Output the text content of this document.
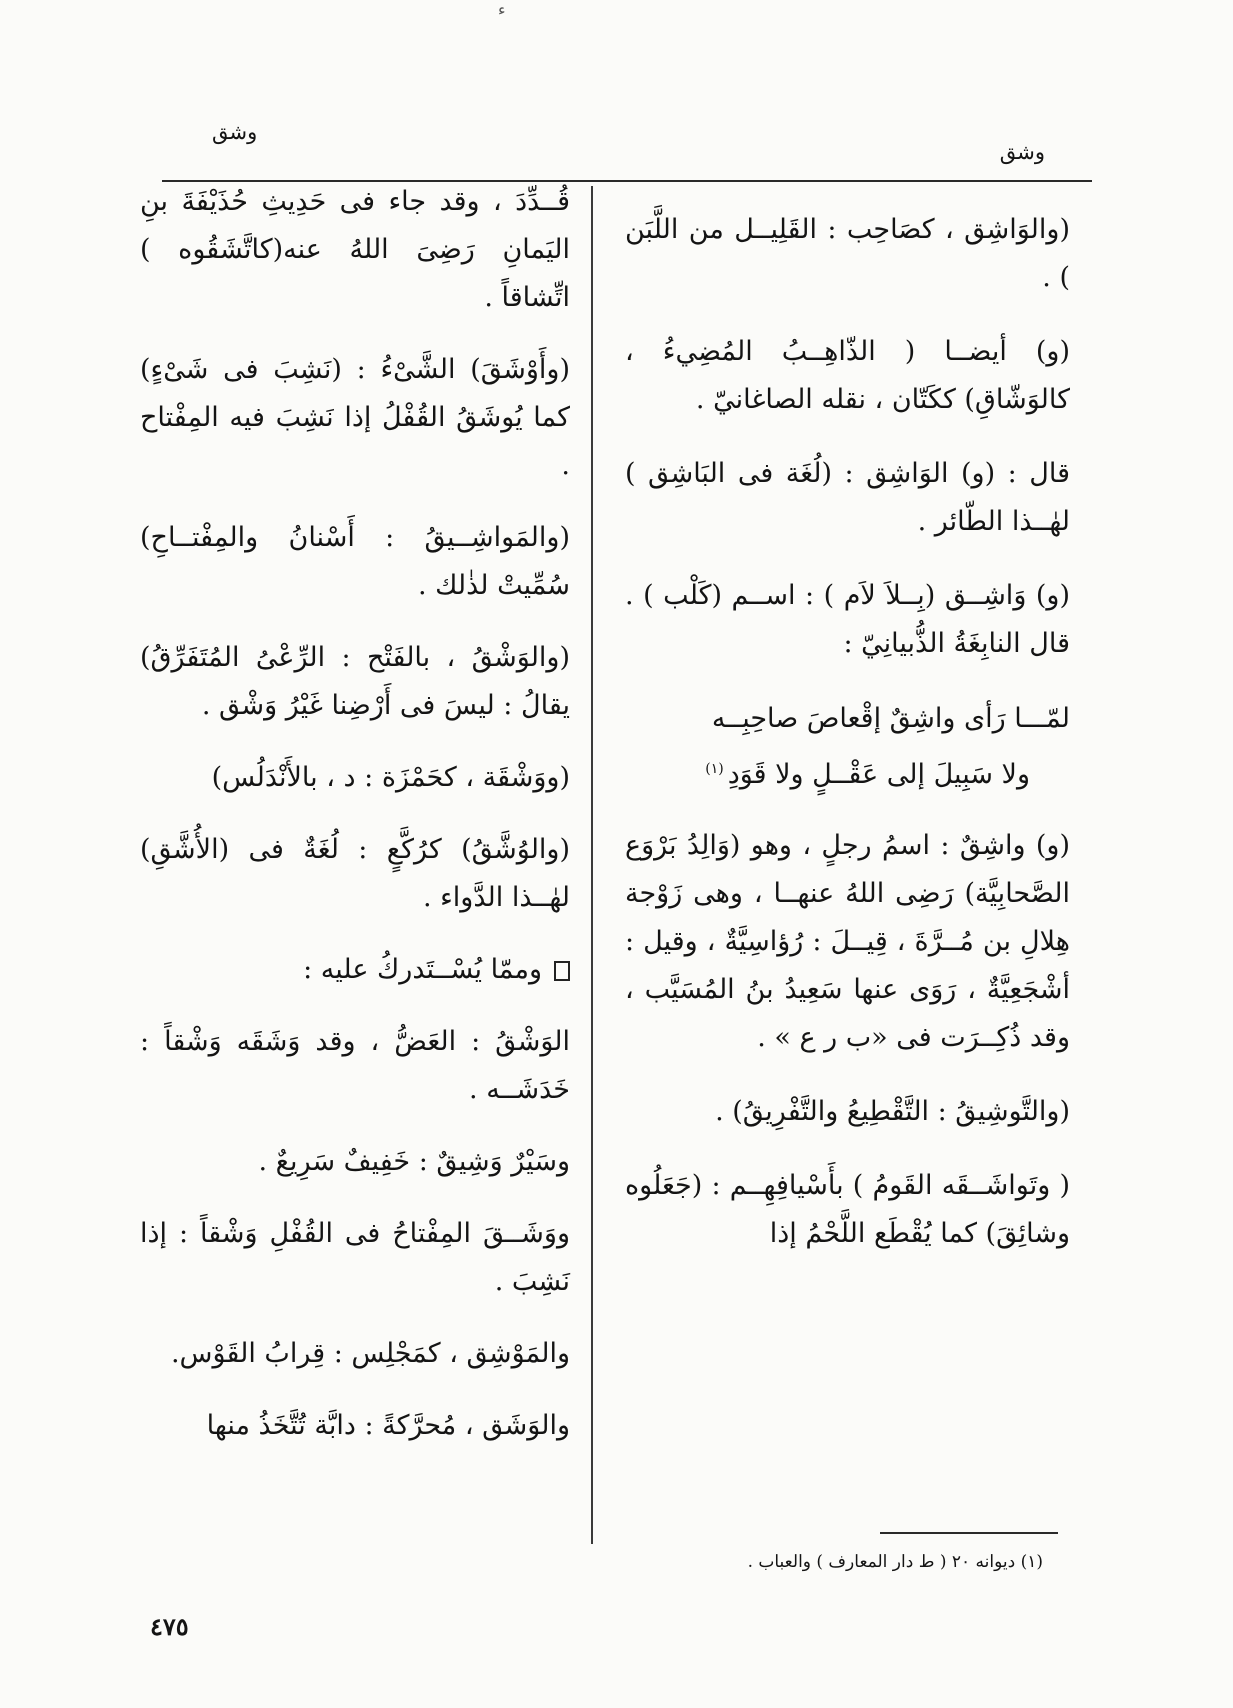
ء
وشق
وشق

(والوَاشِق ، كصَاحِب : القَلِيــل من اللَّبَن ) .

(و) أيضــا ( الذّاهِــبُ المُضِيءُ ، كالوَشّاقِ) ككَتّان ، نقله الصاغانيّ .

قال : (و) الوَاشِق : (لُغَة فى البَاشِق ) لهٰــذا الطّائر .

(و) وَاشِــق (بِــلاَ لاَم ) : اســم (كَلْب ) . قال النابِغَةُ الذُّبيانِيّ :

لمّـــا رَأى واشِقٌ إقْعاصَ صاحِبِــه
ولا سَبِيلَ إلى عَقْــلٍ ولا قَوَدِ$^{(١)}$

(و) واشِقٌ : اسمُ رجلٍ ، وهو (وَالِدُ بَرْوَع الصَّحابِيَّة) رَضِى اللهُ عنهــا ، وهى زَوْجة هِلالِ بن مُــرَّةَ ، قِيــلَ : رُؤاسِيَّةٌ ، وقيل : أشْجَعِيَّةٌ ، رَوَى عنها سَعِيدُ بنُ المُسَيَّب ، وقد ذُكِــرَت فى «ب ر ع » .

(والتَّوشِيقُ : التَّقْطِيعُ والتَّفْرِيقُ) .

( وتَواشَــقَه القَومُ ) بأَسْيافِهِــم : (جَعَلُوه وشائِقَ) كما يُقْطَع اللَّحْمُ إذا

قُــدِّدَ ، وقد جاء فى حَدِيثِ حُذَيْفَةَ بنِ اليَمانِ رَضِىَ اللهُ عنه(كاتَّشَقُوه ) اتِّشاقاً .

(وأَوْشَقَ) الشَّىْءُ : (نَشِبَ فى شَىْءٍ) كما يُوشَقُ القُفْلُ إذا نَشِبَ فيه المِفْتاح .

(والمَواشِــيقُ : أَسْنانُ والمِفْتــاحِ) سُمِّيتْ لذٰلك .

(والوَشْقُ ، بالفَتْح : الرِّعْىُ المُتَفَرِّقُ) يقالُ : ليسَ فى أَرْضِنا غَيْرُ وَشْق .

(ووَشْقَة ، كحَمْزَة : د ، بالأَنْدَلُس)

(والوُشَّقُ) كرُكَّعٍ : لُغَةٌ فى (الأُشَّقِ) لهٰــذا الدَّواء .

وممّا يُسْــتَدركُ عليه :

الوَشْقُ : العَضُّ ، وقد وَشَقَه وَشْقاً : خَدَشَــه .

وسَيْرٌ وَشِيقٌ : خَفِيفٌ سَرِيعٌ .

ووَشَــقَ المِفْتاحُ فى القُفْلِ وَشْقاً : إذا نَشِبَ .

والمَوْشِق ، كمَجْلِس : قِرابُ القَوْس.

والوَشَق ، مُحرَّكةً : دابَّة تُتَّخَذُ منها

(١) ديوانه ٢٠ ( ط دار المعارف ) والعباب .
٤٧٥
